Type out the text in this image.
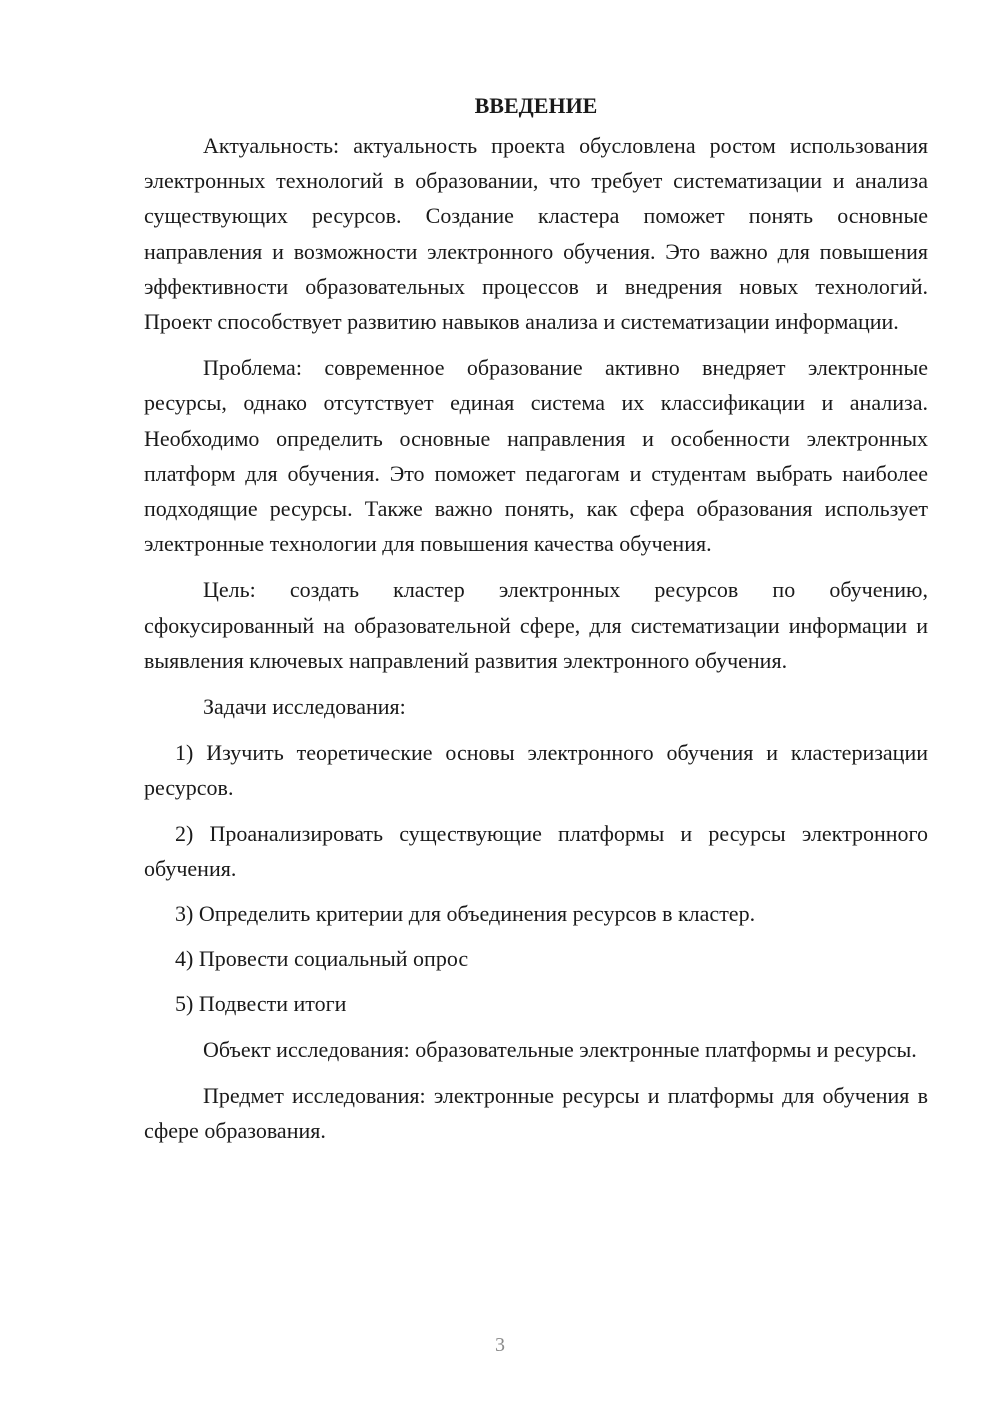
ВВЕДЕНИЕ

Актуальность: актуальность проекта обусловлена ростом использования электронных технологий в образовании, что требует систематизации и анализа существующих ресурсов. Создание кластера поможет понять основные направления и возможности электронного обучения. Это важно для повышения эффективности образовательных процессов и внедрения новых технологий. Проект способствует развитию навыков анализа и систематизации информации.

Проблема: современное образование активно внедряет электронные ресурсы, однако отсутствует единая система их классификации и анализа. Необходимо определить основные направления и особенности электронных платформ для обучения. Это поможет педагогам и студентам выбрать наиболее подходящие ресурсы. Также важно понять, как сфера образования использует электронные технологии для повышения качества обучения.

Цель: создать кластер электронных ресурсов по обучению, сфокусированный на образовательной сфере, для систематизации информации и выявления ключевых направлений развития электронного обучения.

Задачи исследования:

1) Изучить теоретические основы электронного обучения и кластеризации ресурсов.

2) Проанализировать существующие платформы и ресурсы электронного обучения.

3) Определить критерии для объединения ресурсов в кластер.

4) Провести социальный опрос

5) Подвести итоги

Объект исследования: образовательные электронные платформы и ресурсы.

Предмет исследования: электронные ресурсы и платформы для обучения в сфере образования.

3
